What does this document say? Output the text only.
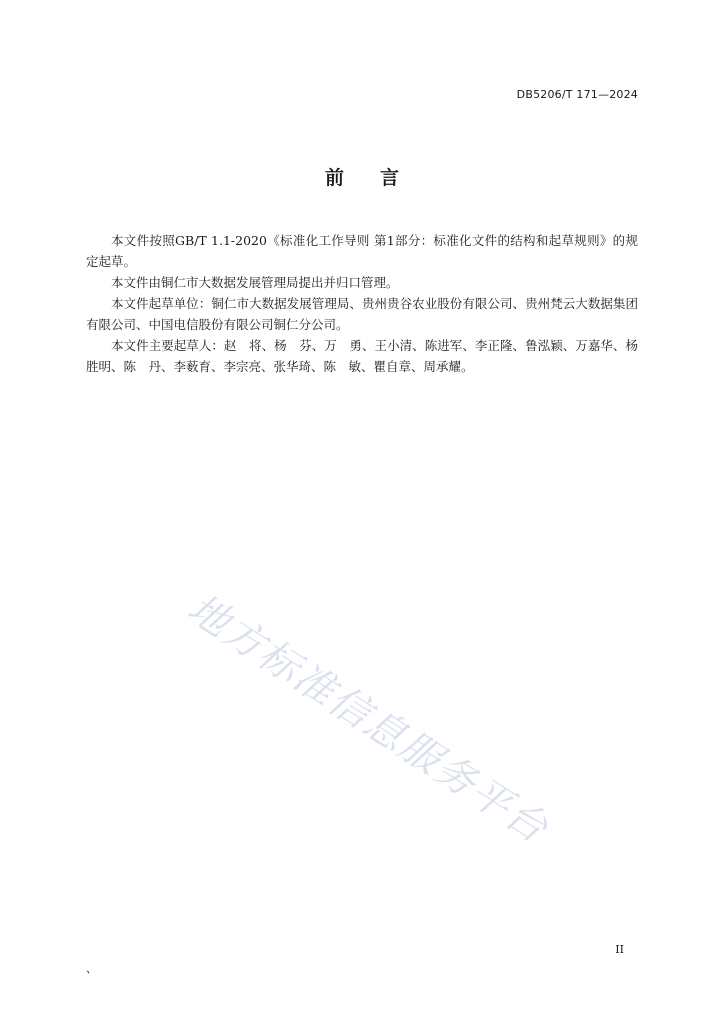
DB5206/T 171—2024
前言

本文件按照GB/T 1.1-2020《标准化工作导则 第1部分：标准化文件的结构和起草规则》的规定起草。

本文件由铜仁市大数据发展管理局提出并归口管理。

本文件起草单位：铜仁市大数据发展管理局、贵州贵谷农业股份有限公司、贵州梵云大数据集团有限公司、中国电信股份有限公司铜仁分公司。

本文件主要起草人：赵　将、杨　芬、万　勇、王小清、陈进军、李正隆、鲁泓颖、万嘉华、杨胜明、陈　丹、李薮育、李宗亮、张华琦、陈　敏、瞿自章、周承耀。

地方标准信息服务平台
II
、
